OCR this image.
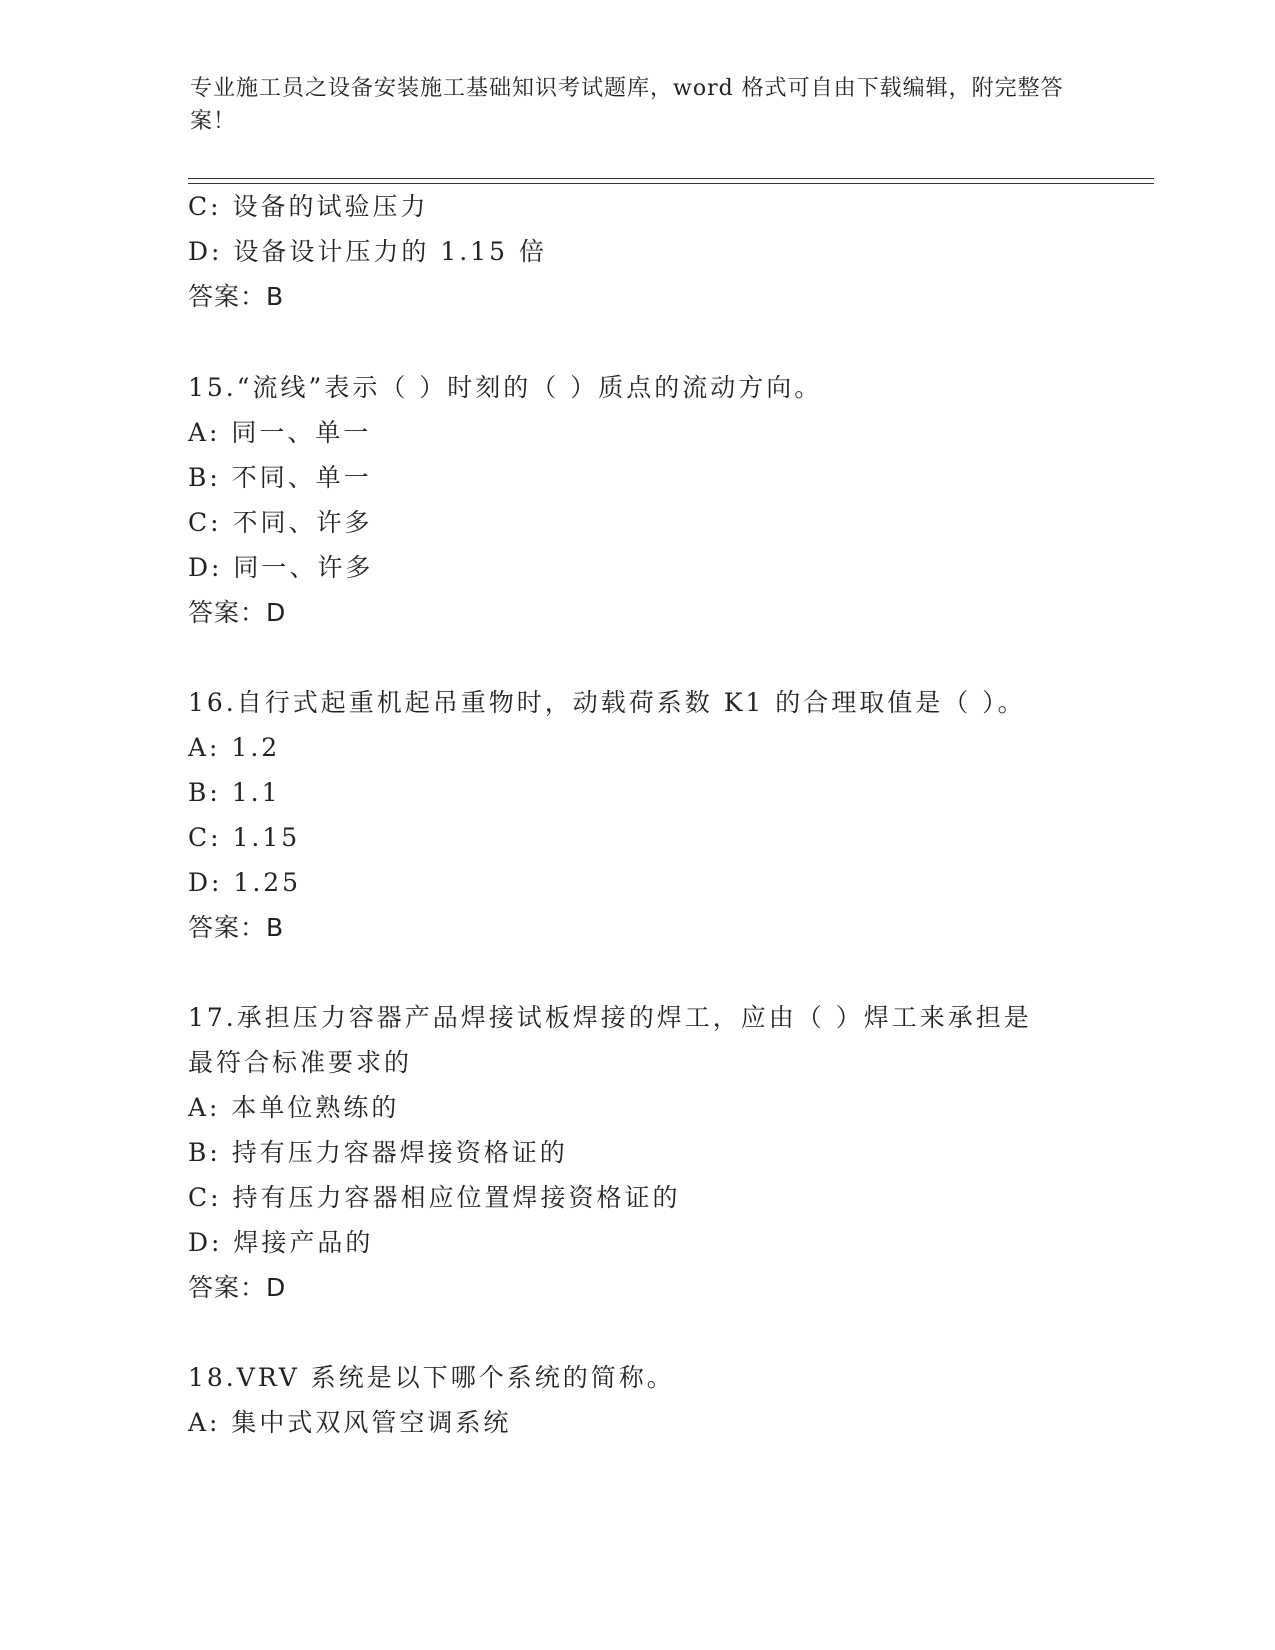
专业施工员之设备安装施工基础知识考试题库，word 格式可自由下载编辑，附完整答案！
C: 设备的试验压力
D: 设备设计压力的 1.15 倍
答案：B
15.“流线”表示（ ）时刻的（ ）质点的流动方向。
A: 同一、单一
B: 不同、单一
C: 不同、许多
D: 同一、许多
答案：D
16.自行式起重机起吊重物时，动载荷系数 K1 的合理取值是（ ）。
A: 1.2
B: 1.1
C: 1.15
D: 1.25
答案：B
17.承担压力容器产品焊接试板焊接的焊工，应由（ ）焊工来承担是
最符合标准要求的
A: 本单位熟练的
B: 持有压力容器焊接资格证的
C: 持有压力容器相应位置焊接资格证的
D: 焊接产品的
答案：D
18.VRV 系统是以下哪个系统的简称。
A: 集中式双风管空调系统
